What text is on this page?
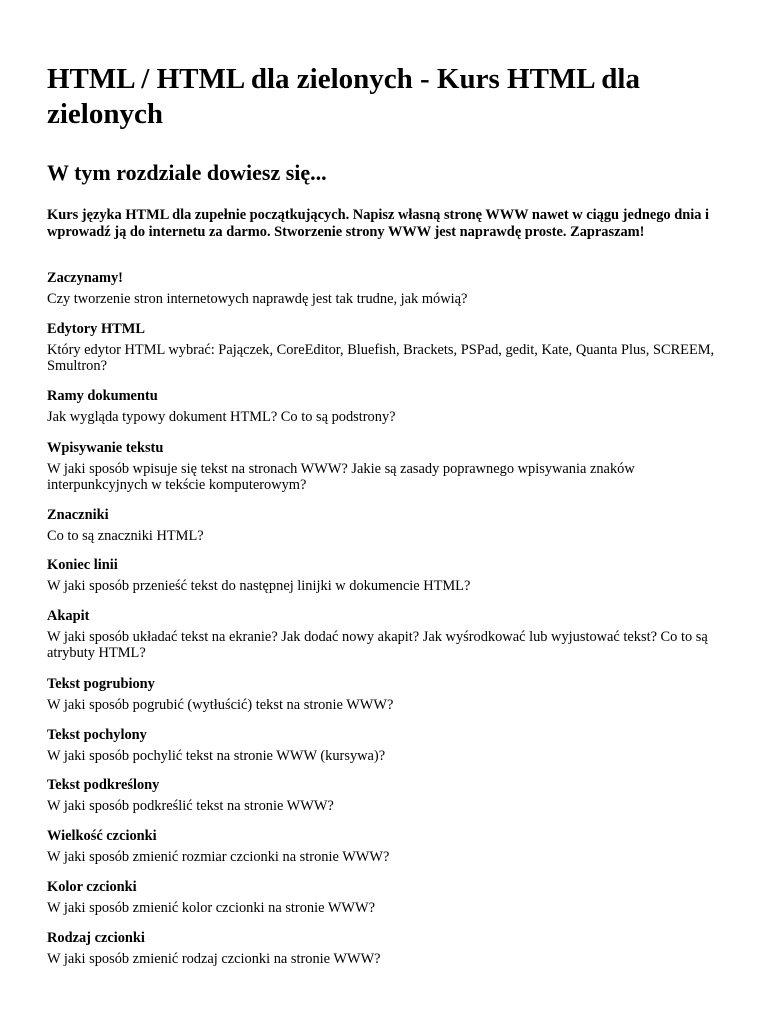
HTML / HTML dla zielonych - Kurs HTML dla zielonych
W tym rozdziale dowiesz się...

Kurs języka HTML dla zupełnie początkujących. Napisz własną stronę WWW nawet w ciągu jednego dnia i wprowadź ją do internetu za darmo. Stworzenie strony WWW jest naprawdę proste. Zapraszam!

Zaczynamy!
Czy tworzenie stron internetowych naprawdę jest tak trudne, jak mówią?
Edytory HTML
Który edytor HTML wybrać: Pajączek, CoreEditor, Bluefish, Brackets, PSPad, gedit, Kate, Quanta Plus, SCREEM, Smultron?
Ramy dokumentu
Jak wygląda typowy dokument HTML? Co to są podstrony?
Wpisywanie tekstu
W jaki sposób wpisuje się tekst na stronach WWW? Jakie są zasady poprawnego wpisywania znaków interpunkcyjnych w tekście komputerowym?
Znaczniki
Co to są znaczniki HTML?
Koniec linii
W jaki sposób przenieść tekst do następnej linijki w dokumencie HTML?
Akapit
W jaki sposób układać tekst na ekranie? Jak dodać nowy akapit? Jak wyśrodkować lub wyjustować tekst? Co to są atrybuty HTML?
Tekst pogrubiony
W jaki sposób pogrubić (wytłuścić) tekst na stronie WWW?
Tekst pochylony
W jaki sposób pochylić tekst na stronie WWW (kursywa)?
Tekst podkreślony
W jaki sposób podkreślić tekst na stronie WWW?
Wielkość czcionki
W jaki sposób zmienić rozmiar czcionki na stronie WWW?
Kolor czcionki
W jaki sposób zmienić kolor czcionki na stronie WWW?
Rodzaj czcionki
W jaki sposób zmienić rodzaj czcionki na stronie WWW?
